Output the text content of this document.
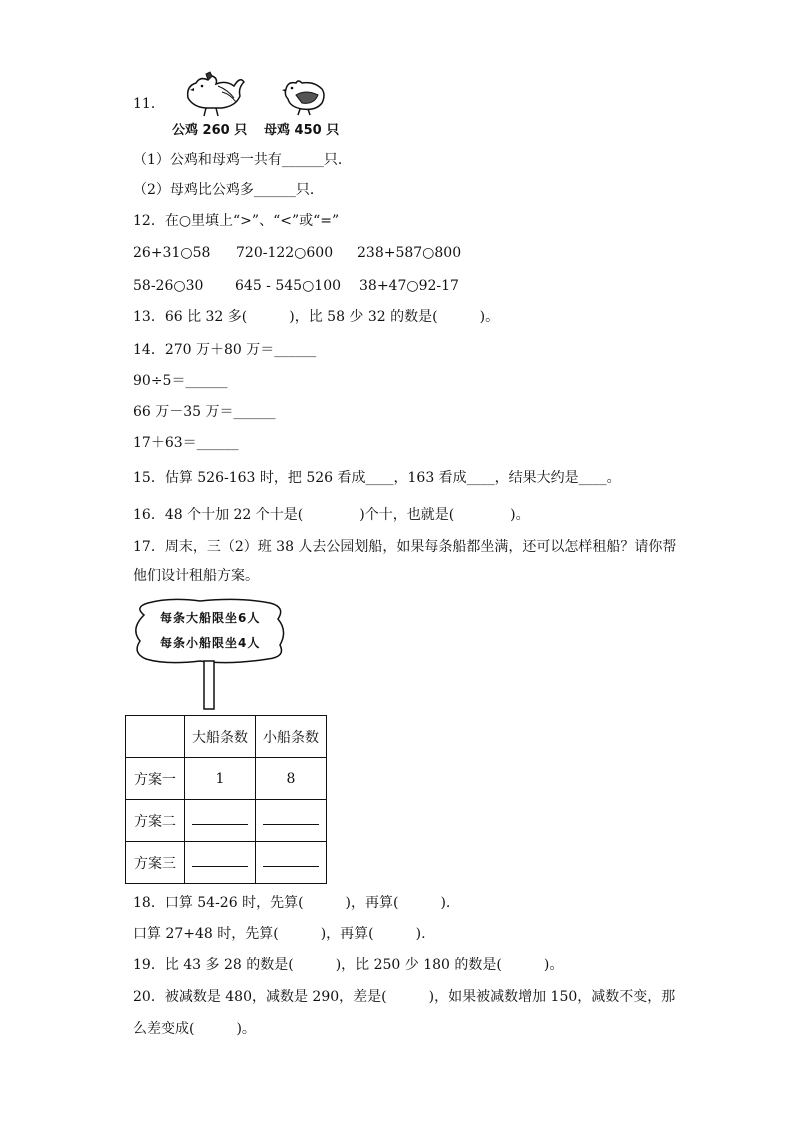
11．
公鸡 260 只 母鸡 450 只
（1）公鸡和母鸡一共有______只．
（2）母鸡比公鸡多______只．
12．在○里填上“>”、“<”或“=”
26+31○58 720-122○600 238+587○800
58-26○30 645 - 545○100 38+47○92-17
13．66 比 32 多(　　　)，比 58 少 32 的数是(　　　)。
14．270 万＋80 万＝______
90÷5＝______
66 万－35 万＝______
17＋63＝______
15．估算 526-163 时，把 526 看成____，163 看成____，结果大约是____。
16．48 个十加 22 个十是(　　　　)个十，也就是(　　　　)。
17．周末，三（2）班 38 人去公园划船，如果每条船都坐满，还可以怎样租船？请你帮
他们设计租船方案。
每条大船限坐6人
每条小船限坐4人
	大船条数	小船条数
方案一	1	8
方案二		
方案三		
18．口算 54-26 时，先算(　　　)，再算(　　　).
口算 27+48 时，先算(　　　)，再算(　　　).
19．比 43 多 28 的数是(　　　)，比 250 少 180 的数是(　　　)。
20．被减数是 480，减数是 290，差是(　　　)，如果被减数增加 150，减数不变，那
么差变成(　　　)。
